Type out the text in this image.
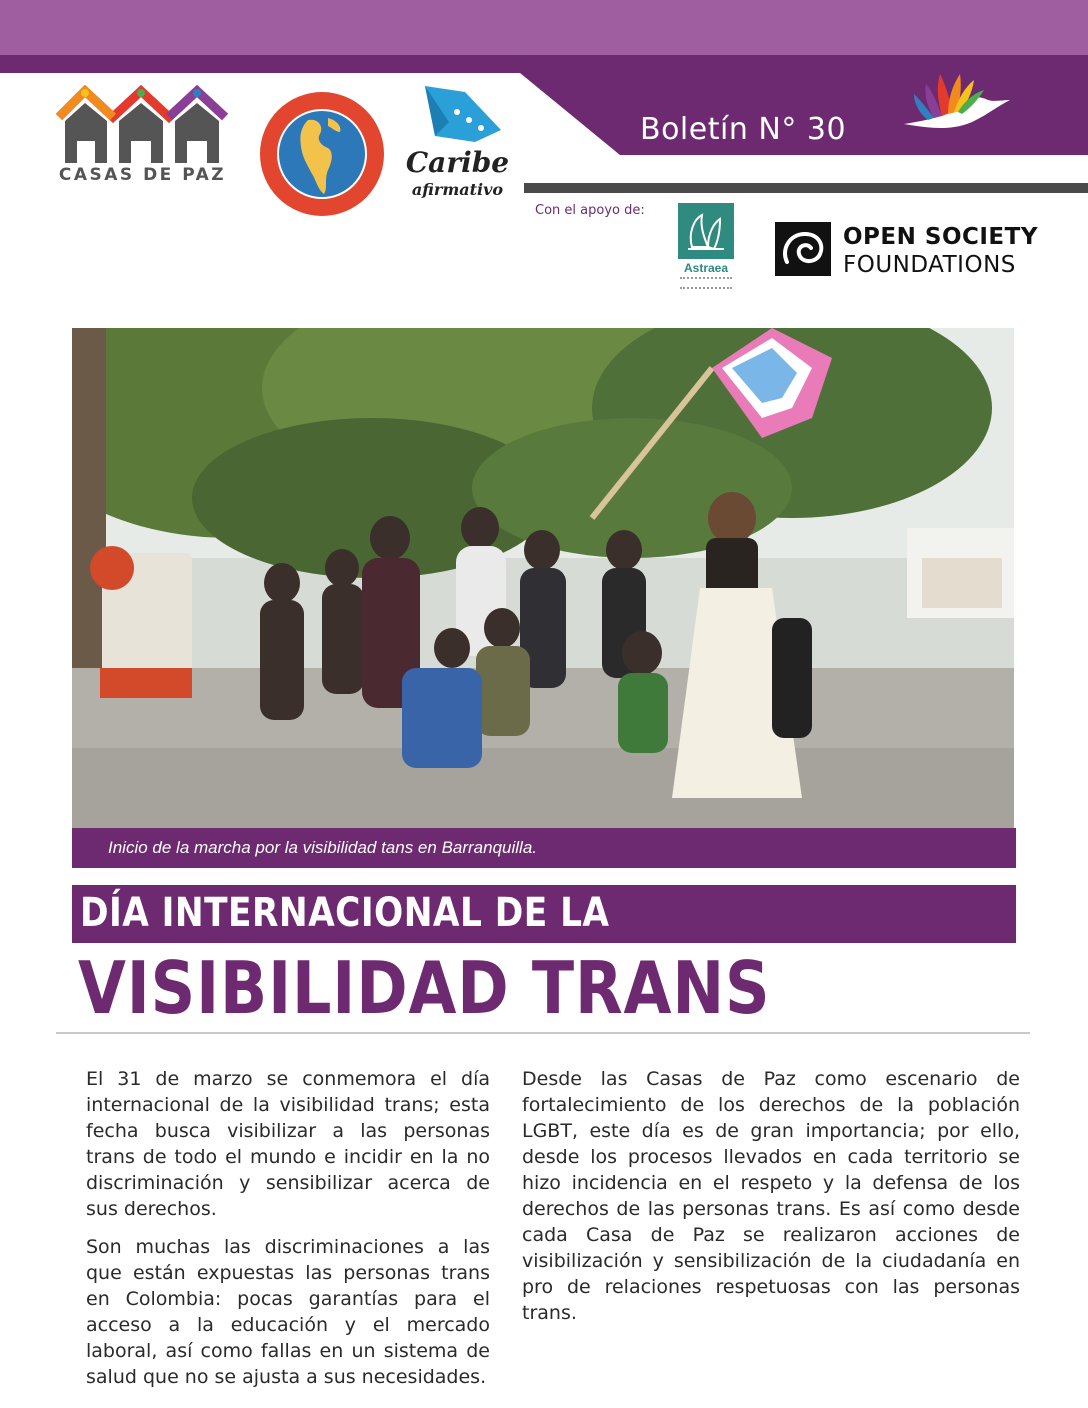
Boletín N° 30
CASAS DE PAZ	Caribe
afirmativo
Con el apoyo de:
Astraea
OPEN SOCIETY
FOUNDATIONS
Inicio de la marcha por la visibilidad tans en Barranquilla.
DÍA INTERNACIONAL DE LA
VISIBILIDAD TRANS

El 31 de marzo se conmemora el día internacional de la visibilidad trans; esta fecha busca visibilizar a las personas trans de todo el mundo e incidir en la no discriminación y sensibilizar acerca de sus derechos.

Son muchas las discriminaciones a las que están expuestas las personas trans en Colombia: pocas garantías para el acceso a la educación y el mercado laboral, así como fallas en un sistema de salud que no se ajusta a sus necesidades.

Desde las Casas de Paz como escenario de fortalecimiento de los derechos de la población LGBT, este día es de gran importancia; por ello, desde los procesos llevados en cada territorio se hizo incidencia en el respeto y la defensa de los derechos de las personas trans. Es así como desde cada Casa de Paz se realizaron acciones de visibilización y sensibilización de la ciudadanía en pro de relaciones respetuosas con las personas trans.
